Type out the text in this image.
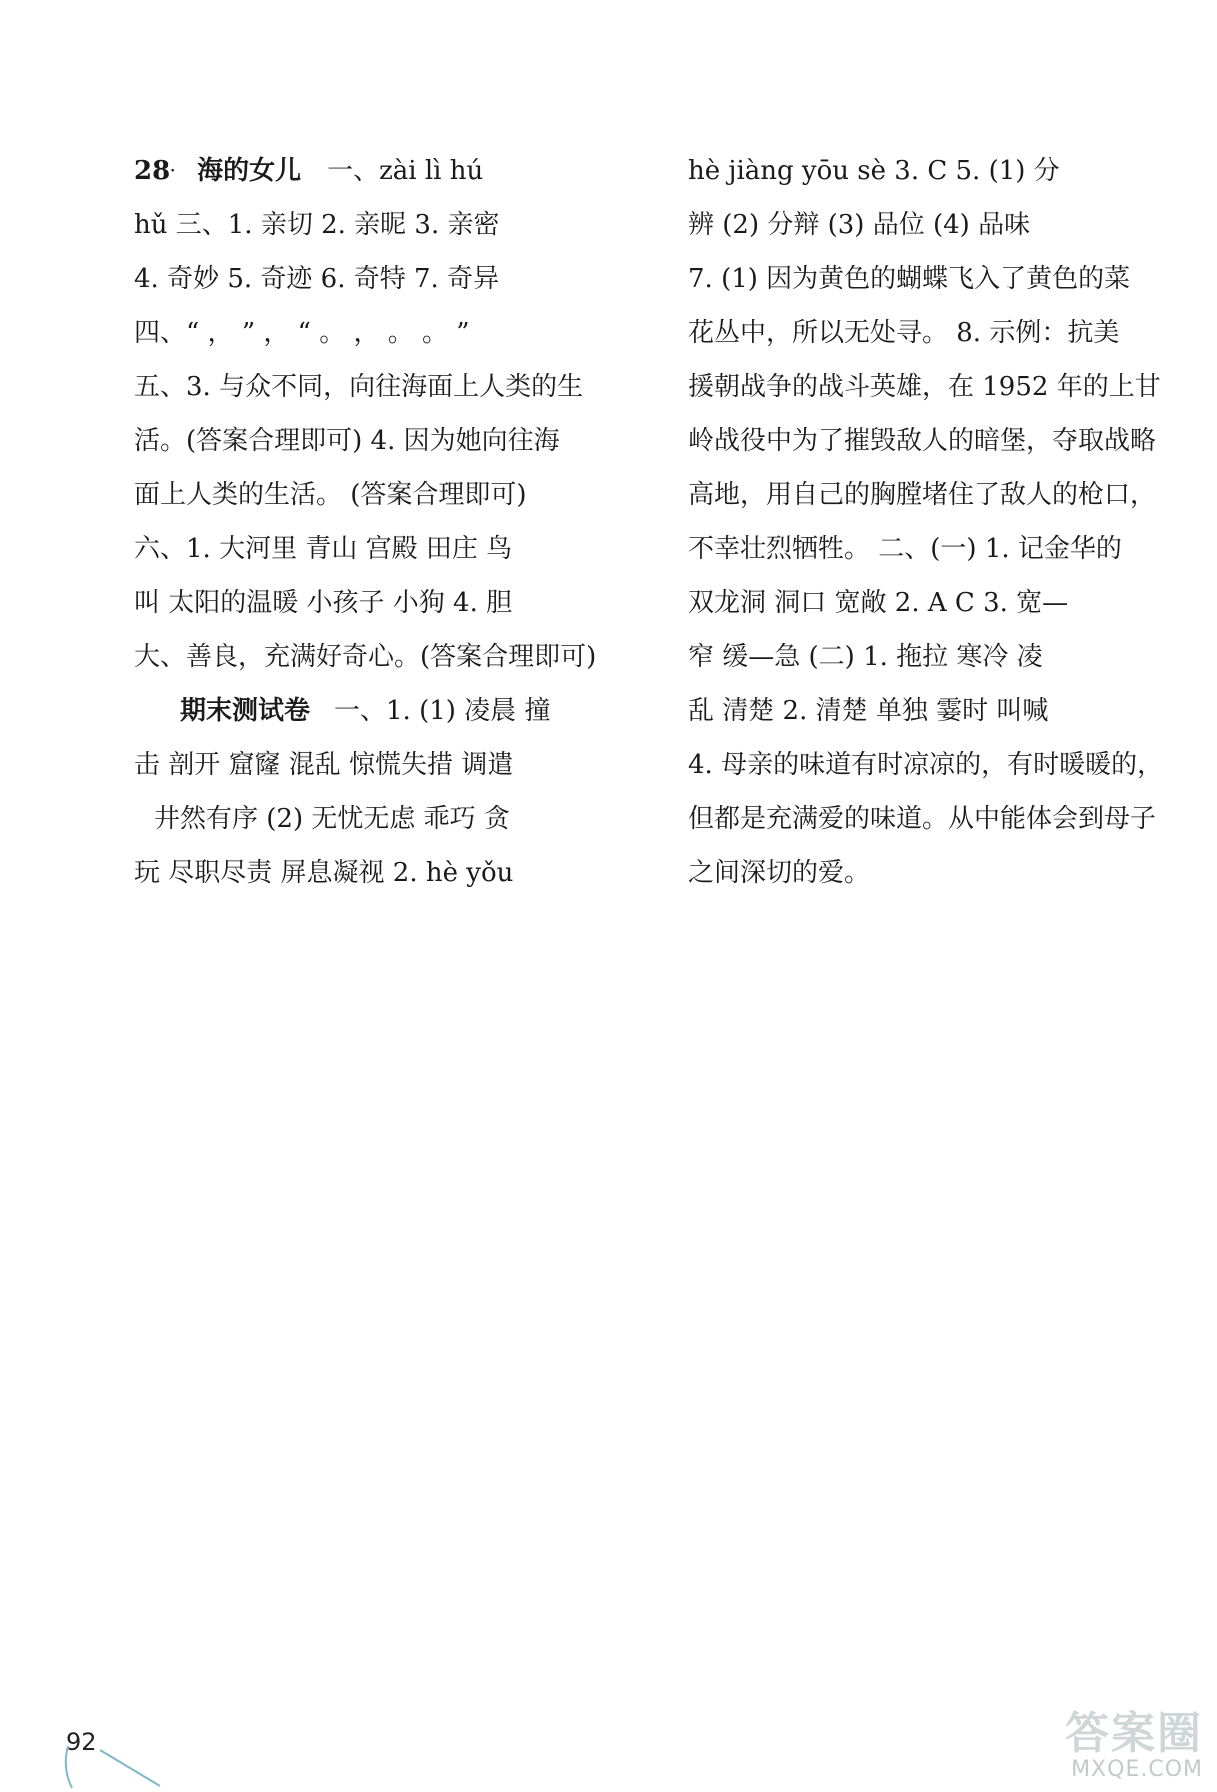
28· 海的女儿 一、zài lì hú
hǔ 三、1. 亲切 2. 亲昵 3. 亲密
4. 奇妙 5. 奇迹 6. 奇特 7. 奇异
四、“ ， ” ， “ 。 ， 。 。 ”
五、3. 与众不同，向往海面上人类的生
活。(答案合理即可) 4. 因为她向往海
面上人类的生活。 (答案合理即可)
六、1. 大河里 青山 宫殿 田庄 鸟
叫 太阳的温暖 小孩子 小狗 4. 胆
大、善良，充满好奇心。(答案合理即可)
期末测试卷 一、1. (1) 凌晨 撞
击 剖开 窟窿 混乱 惊慌失措 调遣
井然有序 (2) 无忧无虑 乖巧 贪
玩 尽职尽责 屏息凝视 2. hè yǒu
hè jiàng yōu sè 3. C 5. (1) 分
辨 (2) 分辩 (3) 品位 (4) 品味
7. (1) 因为黄色的蝴蝶飞入了黄色的菜
花丛中，所以无处寻。 8. 示例：抗美
援朝战争的战斗英雄，在 1952 年的上甘
岭战役中为了摧毁敌人的暗堡，夺取战略
高地，用自己的胸膛堵住了敌人的枪口，
不幸壮烈牺牲。 二、(一) 1. 记金华的
双龙洞 洞口 宽敞 2. A C 3. 宽—
窄 缓—急 (二) 1. 拖拉 寒冷 凌
乱 清楚 2. 清楚 单独 霎时 叫喊
4. 母亲的味道有时凉凉的，有时暖暖的，
但都是充满爱的味道。从中能体会到母子
之间深切的爱。
92	答案圈
MXQE.COM
